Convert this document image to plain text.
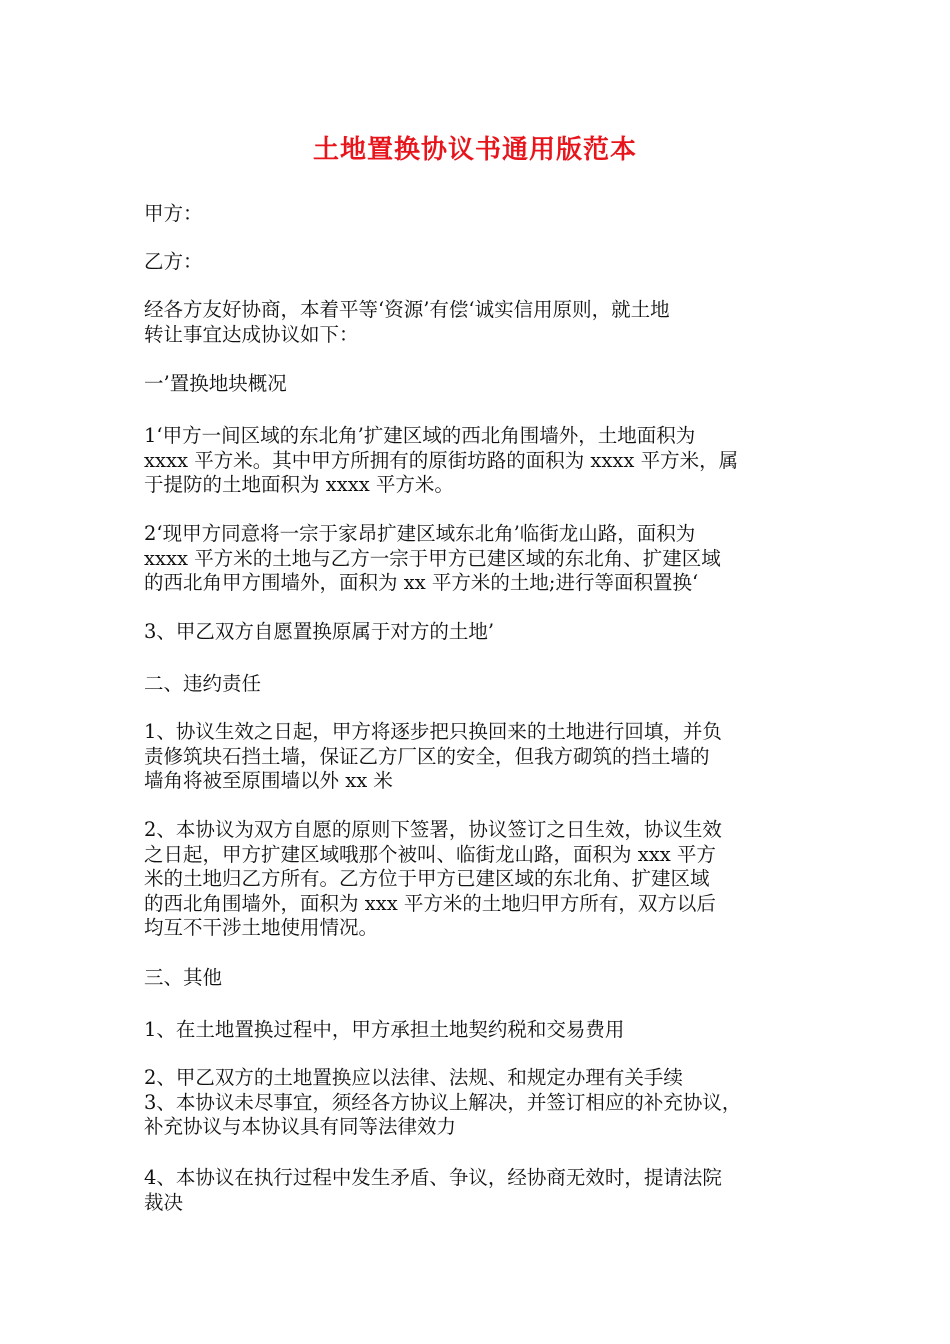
土地置换协议书通用版范本
甲方：
乙方：
经各方友好协商，本着平等‘资源’有偿‘诚实信用原则，就土地
转让事宜达成协议如下：
一’置换地块概况
1‘甲方一间区域的东北角’扩建区域的西北角围墙外，土地面积为
xxxx 平方米。其中甲方所拥有的原街坊路的面积为 xxxx 平方米，属
于提防的土地面积为 xxxx 平方米。
2‘现甲方同意将一宗于家昂扩建区域东北角’临街龙山路，面积为
xxxx 平方米的土地与乙方一宗于甲方已建区域的东北角、扩建区域
的西北角甲方围墙外，面积为 xx 平方米的土地;进行等面积置换‘
3、甲乙双方自愿置换原属于对方的土地’
二、违约责任
1、协议生效之日起，甲方将逐步把只换回来的土地进行回填，并负
责修筑块石挡土墙，保证乙方厂区的安全，但我方砌筑的挡土墙的
墙角将被至原围墙以外 xx 米
2、本协议为双方自愿的原则下签署，协议签订之日生效，协议生效
之日起，甲方扩建区域哦那个被叫、临街龙山路，面积为 xxx 平方
米的土地归乙方所有。乙方位于甲方已建区域的东北角、扩建区域
的西北角围墙外，面积为 xxx 平方米的土地归甲方所有，双方以后
均互不干涉土地使用情况。
三、其他
1、在土地置换过程中，甲方承担土地契约税和交易费用
2、甲乙双方的土地置换应以法律、法规、和规定办理有关手续
3、本协议未尽事宜，须经各方协议上解决，并签订相应的补充协议，
补充协议与本协议具有同等法律效力
4、本协议在执行过程中发生矛盾、争议，经协商无效时，提请法院
裁决
